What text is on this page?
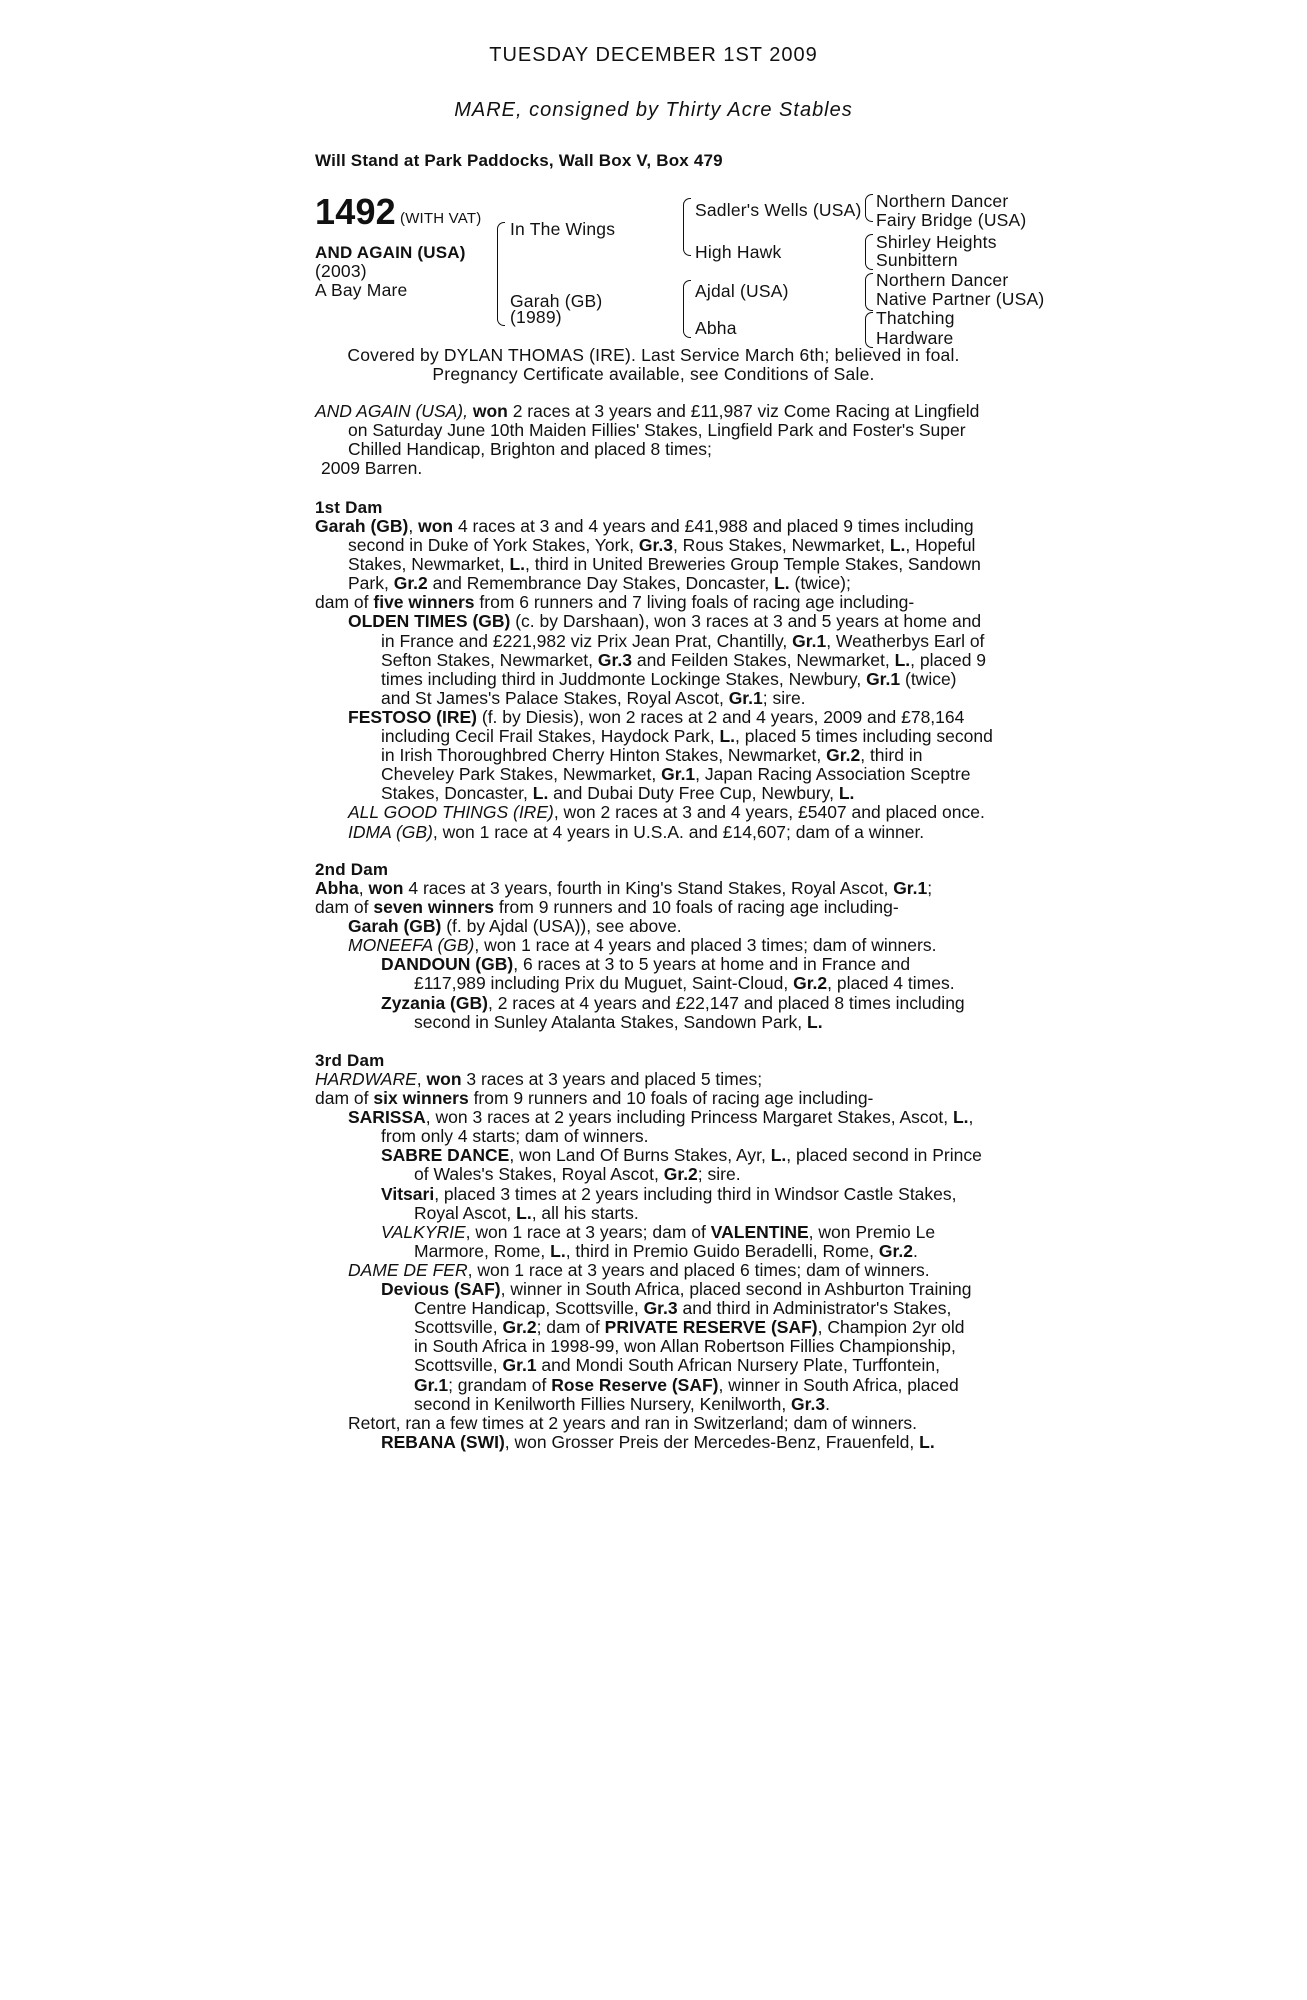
TUESDAY DECEMBER 1ST 2009
MARE, consigned by Thirty Acre Stables
Will Stand at Park Paddocks, Wall Box V, Box 479
1492 (WITH VAT)
AND AGAIN (USA)
(2003)
A Bay Mare
In The Wings
Garah (GB)
(1989)
Sadler's Wells (USA)
High Hawk
Ajdal (USA)
Abha
Northern Dancer
Fairy Bridge (USA)
Shirley Heights
Sunbittern
Northern Dancer
Native Partner (USA)
Thatching
Hardware
Covered by DYLAN THOMAS (IRE). Last Service March 6th; believed in foal.
Pregnancy Certificate available, see Conditions of Sale.
AND AGAIN (USA), won 2 races at 3 years and £11,987 viz Come Racing at Lingfield
on Saturday June 10th Maiden Fillies' Stakes, Lingfield Park and Foster's Super
Chilled Handicap, Brighton and placed 8 times;
2009 Barren.
1st Dam
Garah (GB), won 4 races at 3 and 4 years and £41,988 and placed 9 times including
second in Duke of York Stakes, York, Gr.3, Rous Stakes, Newmarket, L., Hopeful
Stakes, Newmarket, L., third in United Breweries Group Temple Stakes, Sandown
Park, Gr.2 and Remembrance Day Stakes, Doncaster, L. (twice);
dam of five winners from 6 runners and 7 living foals of racing age including-
OLDEN TIMES (GB) (c. by Darshaan), won 3 races at 3 and 5 years at home and
in France and £221,982 viz Prix Jean Prat, Chantilly, Gr.1, Weatherbys Earl of
Sefton Stakes, Newmarket, Gr.3 and Feilden Stakes, Newmarket, L., placed 9
times including third in Juddmonte Lockinge Stakes, Newbury, Gr.1 (twice)
and St James's Palace Stakes, Royal Ascot, Gr.1; sire.
FESTOSO (IRE) (f. by Diesis), won 2 races at 2 and 4 years, 2009 and £78,164
including Cecil Frail Stakes, Haydock Park, L., placed 5 times including second
in Irish Thoroughbred Cherry Hinton Stakes, Newmarket, Gr.2, third in
Cheveley Park Stakes, Newmarket, Gr.1, Japan Racing Association Sceptre
Stakes, Doncaster, L. and Dubai Duty Free Cup, Newbury, L.
ALL GOOD THINGS (IRE), won 2 races at 3 and 4 years, £5407 and placed once.
IDMA (GB), won 1 race at 4 years in U.S.A. and £14,607; dam of a winner.
2nd Dam
Abha, won 4 races at 3 years, fourth in King's Stand Stakes, Royal Ascot, Gr.1;
dam of seven winners from 9 runners and 10 foals of racing age including-
Garah (GB) (f. by Ajdal (USA)), see above.
MONEEFA (GB), won 1 race at 4 years and placed 3 times; dam of winners.
DANDOUN (GB), 6 races at 3 to 5 years at home and in France and
£117,989 including Prix du Muguet, Saint-Cloud, Gr.2, placed 4 times.
Zyzania (GB), 2 races at 4 years and £22,147 and placed 8 times including
second in Sunley Atalanta Stakes, Sandown Park, L.
3rd Dam
HARDWARE, won 3 races at 3 years and placed 5 times;
dam of six winners from 9 runners and 10 foals of racing age including-
SARISSA, won 3 races at 2 years including Princess Margaret Stakes, Ascot, L.,
from only 4 starts; dam of winners.
SABRE DANCE, won Land Of Burns Stakes, Ayr, L., placed second in Prince
of Wales's Stakes, Royal Ascot, Gr.2; sire.
Vitsari, placed 3 times at 2 years including third in Windsor Castle Stakes,
Royal Ascot, L., all his starts.
VALKYRIE, won 1 race at 3 years; dam of VALENTINE, won Premio Le
Marmore, Rome, L., third in Premio Guido Beradelli, Rome, Gr.2.
DAME DE FER, won 1 race at 3 years and placed 6 times; dam of winners.
Devious (SAF), winner in South Africa, placed second in Ashburton Training
Centre Handicap, Scottsville, Gr.3 and third in Administrator's Stakes,
Scottsville, Gr.2; dam of PRIVATE RESERVE (SAF), Champion 2yr old
in South Africa in 1998-99, won Allan Robertson Fillies Championship,
Scottsville, Gr.1 and Mondi South African Nursery Plate, Turffontein,
Gr.1; grandam of Rose Reserve (SAF), winner in South Africa, placed
second in Kenilworth Fillies Nursery, Kenilworth, Gr.3.
Retort, ran a few times at 2 years and ran in Switzerland; dam of winners.
REBANA (SWI), won Grosser Preis der Mercedes-Benz, Frauenfeld, L.
